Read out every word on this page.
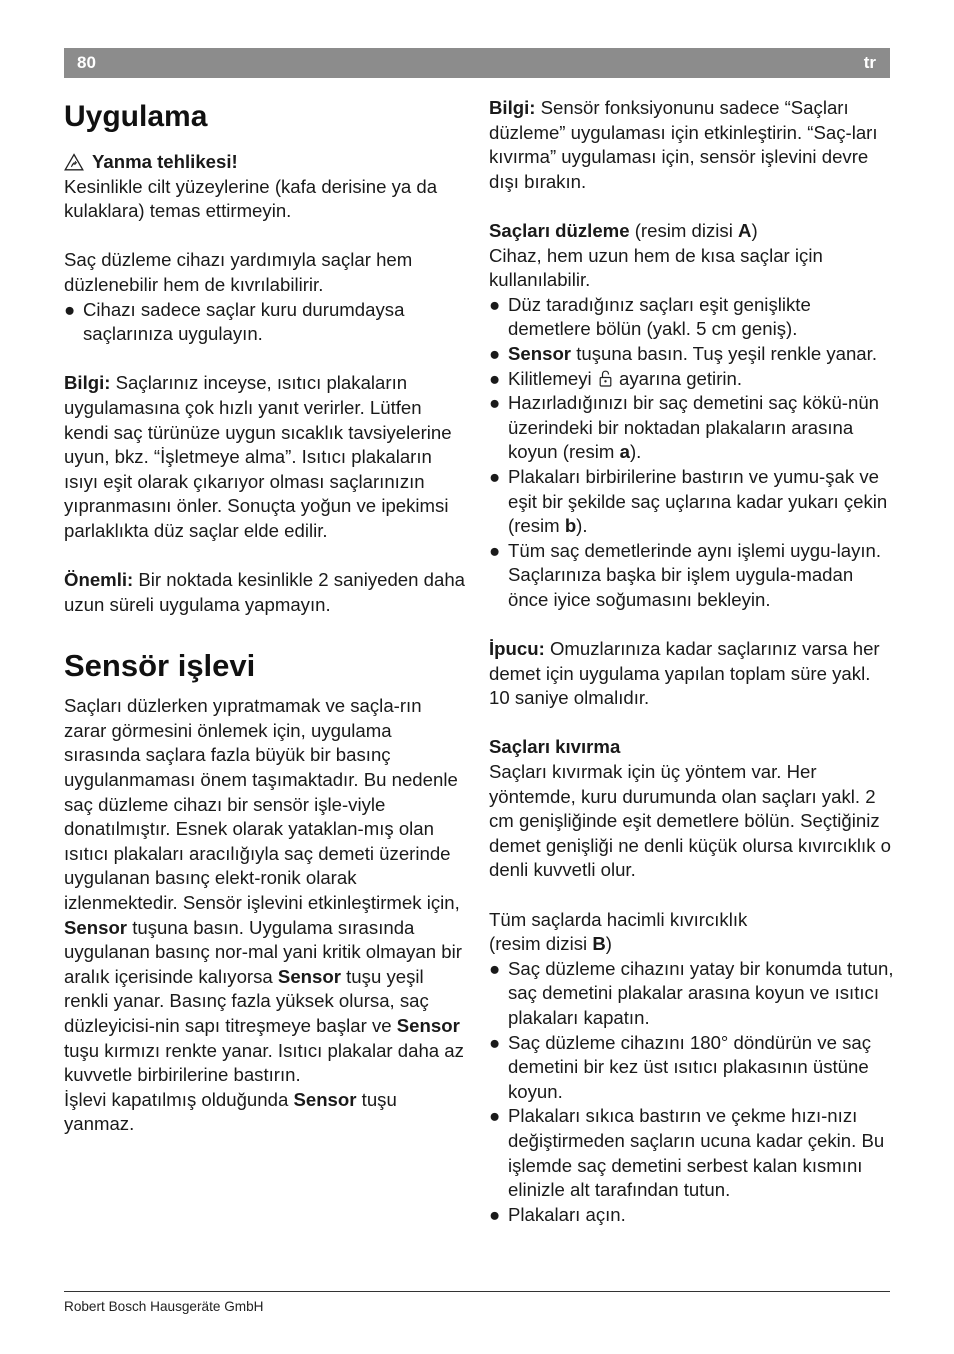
80	tr
Uygulama
Yanma tehlikesi!

Kesinlikle cilt yüzeylerine (kafa derisine ya da kulaklara) temas ettirmeyin.

Saç düzleme cihazı yardımıyla saçlar hem düzlenebilir hem de kıvrılabilirir.

● Cihazı sadece saçlar kuru durumdaysa saçlarınıza uygulayın.

Bilgi: Saçlarınız inceyse, ısıtıcı plakaların uygulamasına çok hızlı yanıt verirler. Lütfen kendi saç türünüze uygun sıcaklık tavsiyelerine uyun, bkz. “İşletmeye alma”. Isıtıcı plakaların ısıyı eşit olarak çıkarıyor olması saçlarınızın yıpranmasını önler. Sonuçta yoğun ve ipekimsi parlaklıkta düz saçlar elde edilir.

Önemli: Bir noktada kesinlikle 2 saniyeden daha uzun süreli uygulama yapmayın.

Sensör işlevi

Saçları düzlerken yıpratmamak ve saçla-rın zarar görmesini önlemek için, uygulama sırasında saçlara fazla büyük bir basınç uygulanmaması önem taşımaktadır. Bu nedenle saç düzleme cihazı bir sensör işle-viyle donatılmıştır. Esnek olarak yataklan-mış olan ısıtıcı plakaları aracılığıyla saç demeti üzerinde uygulanan basınç elekt-ronik olarak izlenmektedir. Sensör işlevini etkinleştirmek için, Sensor tuşuna basın. Uygulama sırasında uygulanan basınç nor-mal yani kritik olmayan bir aralık içerisinde kalıyorsa Sensor tuşu yeşil renkli yanar. Basınç fazla yüksek olursa, saç düzleyicisi-nin sapı titreşmeye başlar ve Sensor tuşu kırmızı renkte yanar. Isıtıcı plakalar daha az kuvvetle birbirilerine bastırın.

İşlevi kapatılmış olduğunda Sensor tuşu yanmaz.

Bilgi: Sensör fonksiyonunu sadece “Saçları düzleme” uygulaması için etkinleştirin. “Saç-ları kıvırma” uygulaması için, sensör işlevini devre dışı bırakın.

Saçları düzleme (resim dizisi A)

Cihaz, hem uzun hem de kısa saçlar için kullanılabilir.

● Düz taradığınız saçları eşit genişlikte demetlere bölün (yakl. 5 cm geniş).
● Sensor tuşuna basın. Tuş yeşil renkle yanar.
● Kilitlemeyi  ayarına getirin.
● Hazırladığınızı bir saç demetini saç kökü-nün üzerindeki bir noktadan plakaların arasına koyun (resim a).
● Plakaları birbirilerine bastırın ve yumu-şak ve eşit bir şekilde saç uçlarına kadar yukarı çekin (resim b).
● Tüm saç demetlerinde aynı işlemi uygu-layın. Saçlarınıza başka bir işlem uygula-madan önce iyice soğumasını bekleyin.

İpucu: Omuzlarınıza kadar saçlarınız varsa her demet için uygulama yapılan toplam süre yakl. 10 saniye olmalıdır.

Saçları kıvırma

Saçları kıvırmak için üç yöntem var. Her yöntemde, kuru durumunda olan saçları yakl. 2 cm genişliğinde eşit demetlere bölün. Seçtiğiniz demet genişliği ne denli küçük olursa kıvırcıklık o denli kuvvetli olur.

Tüm saçlarda hacimli kıvırcıklık

(resim dizisi B)

● Saç düzleme cihazını yatay bir konumda tutun, saç demetini plakalar arasına koyun ve ısıtıcı plakaları kapatın.
● Saç düzleme cihazını 180° döndürün ve saç demetini bir kez üst ısıtıcı plakasının üstüne koyun.
● Plakaları sıkıca bastırın ve çekme hızı-nızı değiştirmeden saçların ucuna kadar çekin. Bu işlemde saç demetini serbest kalan kısmını elinizle alt tarafından tutun.
● Plakaları açın.
Robert Bosch Hausgeräte GmbH
